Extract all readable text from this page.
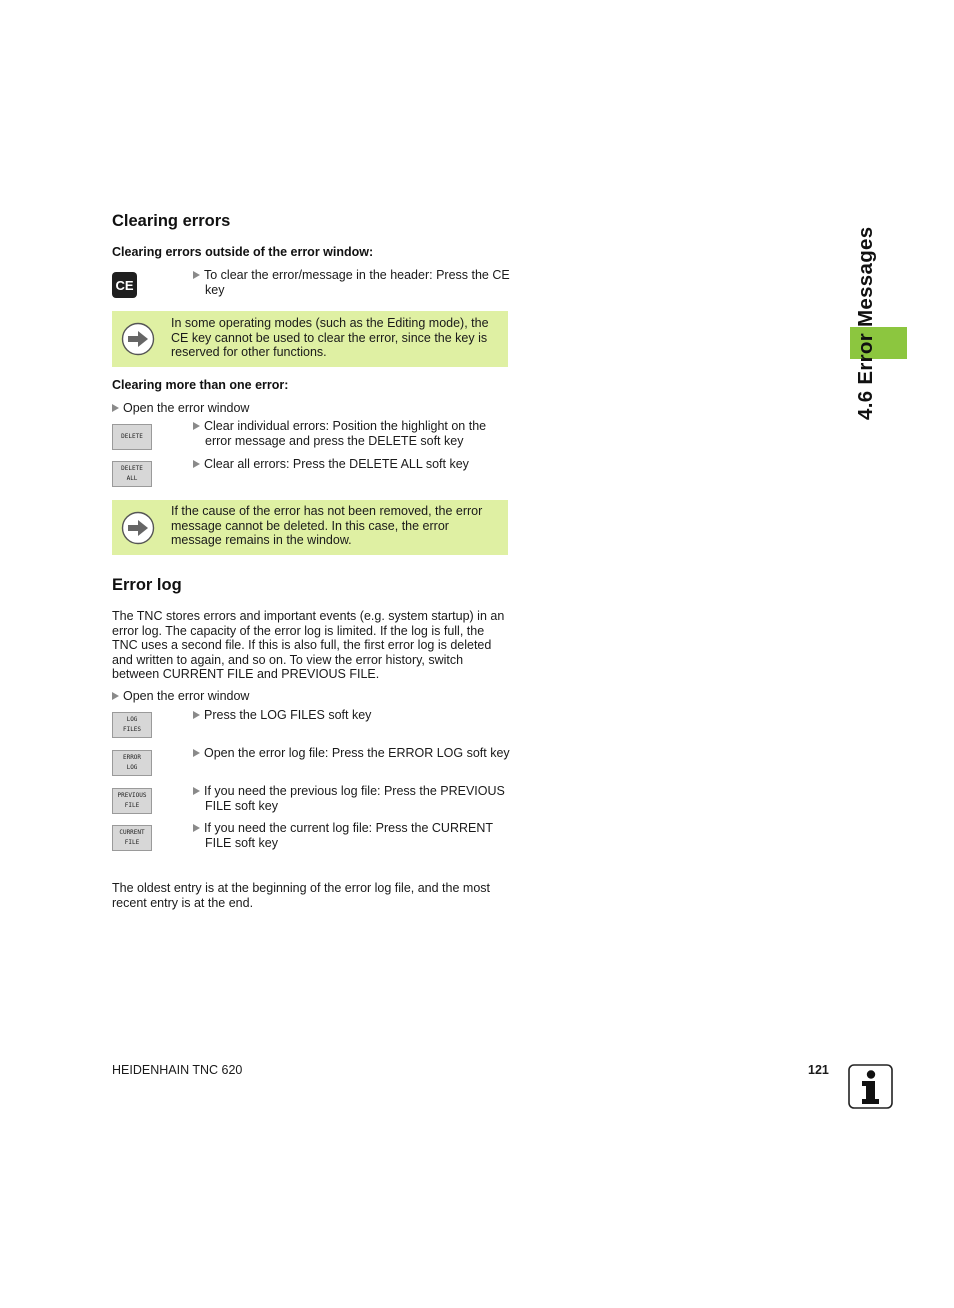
4.6 Error Messages
Clearing errors
Clearing errors outside of the error window:
CE
To clear the error/message in the header: Press the CE key
In some operating modes (such as the Editing mode), the CE key cannot be used to clear the error, since the key is reserved for other functions.
Clearing more than one error:
Open the error window
DELETE
Clear individual errors: Position the highlight on the error message and press the DELETE soft key
DELETE
ALL
Clear all errors: Press the DELETE ALL soft key
If the cause of the error has not been removed, the error message cannot be deleted. In this case, the error message remains in the window.
Error log
The TNC stores errors and important events (e.g. system startup) in an error log. The capacity of the error log is limited. If the log is full, the TNC uses a second file. If this is also full, the first error log is deleted and written to again, and so on. To view the error history, switch between CURRENT FILE and PREVIOUS FILE.
Open the error window
LOG
FILES
Press the LOG FILES soft key
ERROR
LOG
Open the error log file: Press the ERROR LOG soft key
PREVIOUS
FILE
If you need the previous log file: Press the PREVIOUS FILE soft key
CURRENT
FILE
If you need the current log file: Press the CURRENT FILE soft key
The oldest entry is at the beginning of the error log file, and the most recent entry is at the end.
HEIDENHAIN TNC 620	121
